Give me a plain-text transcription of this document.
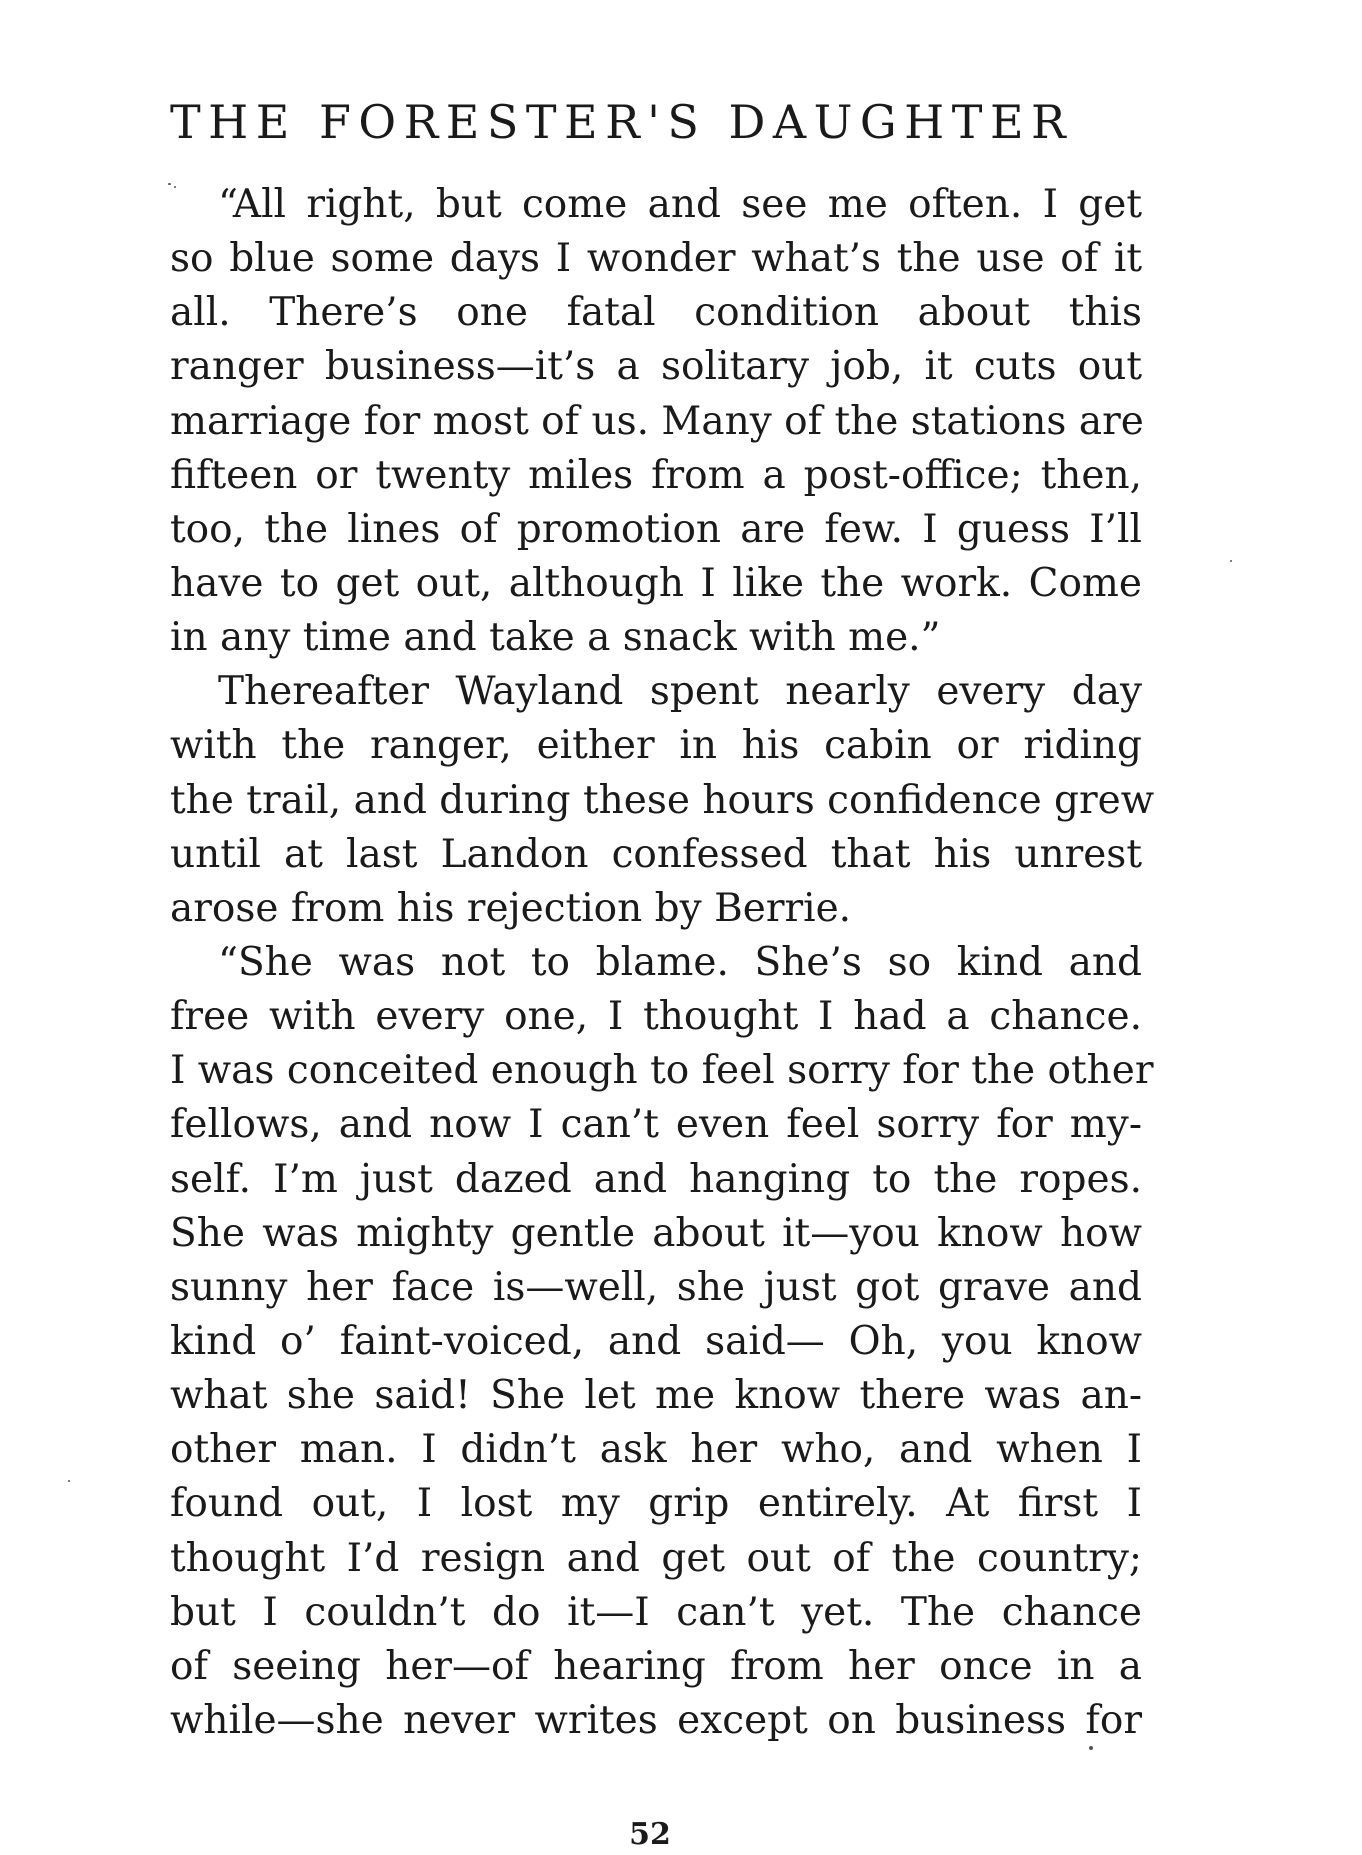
THE FORESTER'S DAUGHTER
“All right, but come and see me often. I get
so blue some days I wonder what’s the use of it
all. There’s one fatal condition about this
ranger business—it’s a solitary job, it cuts out
marriage for most of us. Many of the stations are
fifteen or twenty miles from a post-office; then,
too, the lines of promotion are few. I guess I’ll
have to get out, although I like the work. Come
in any time and take a snack with me.”
Thereafter Wayland spent nearly every day
with the ranger, either in his cabin or riding
the trail, and during these hours confidence grew
until at last Landon confessed that his unrest
arose from his rejection by Berrie.
“She was not to blame. She’s so kind and
free with every one, I thought I had a chance.
I was conceited enough to feel sorry for the other
fellows, and now I can’t even feel sorry for my-
self. I’m just dazed and hanging to the ropes.
She was mighty gentle about it—you know how
sunny her face is—well, she just got grave and
kind o’ faint-voiced, and said— Oh, you know
what she said! She let me know there was an-
other man. I didn’t ask her who, and when I
found out, I lost my grip entirely. At first I
thought I’d resign and get out of the country;
but I couldn’t do it—I can’t yet. The chance
of seeing her—of hearing from her once in a
while—she never writes except on business for

52
